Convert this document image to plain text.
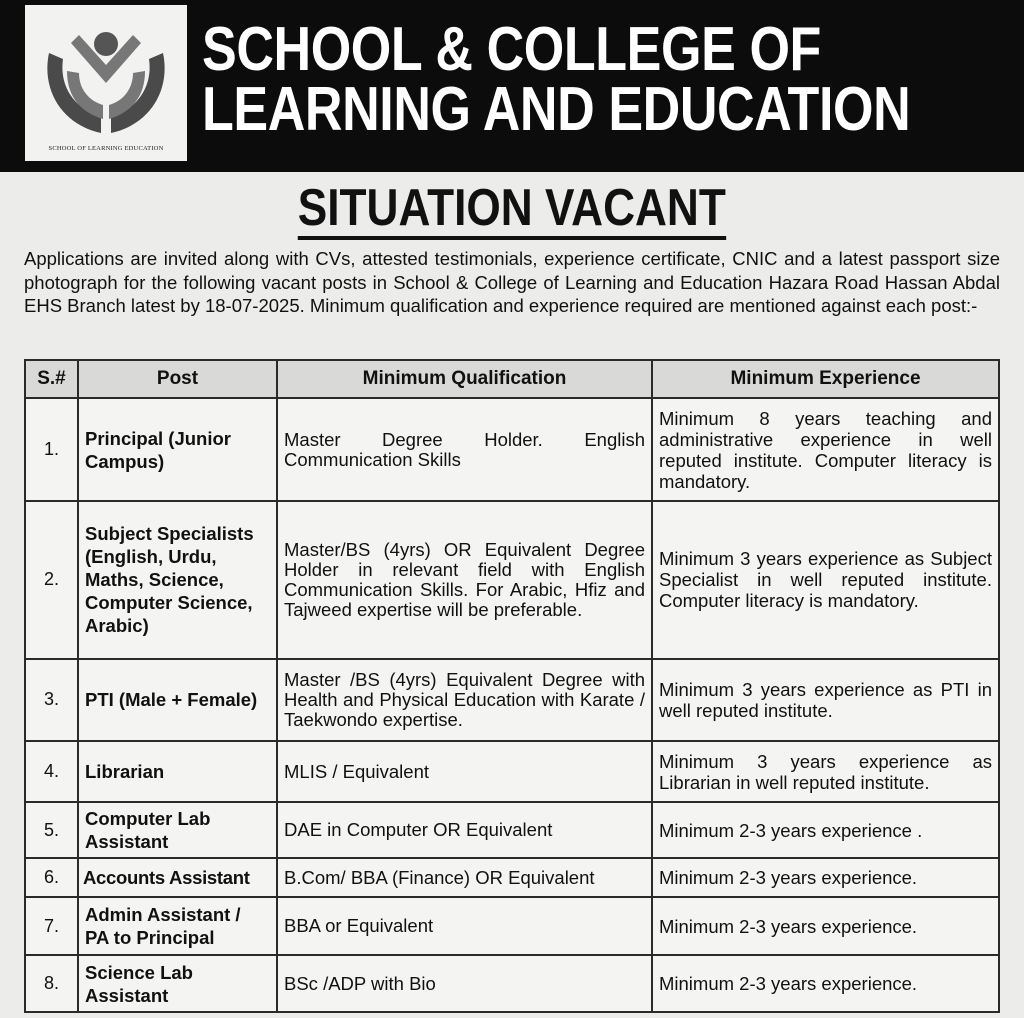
SCHOOL OF LEARNING EDUCATION
SCHOOL & COLLEGE OF
LEARNING AND EDUCATION
SITUATION VACANT
Applications are invited along with CVs, attested testimonials, experience certificate, CNIC and a latest passport size photograph for the following vacant posts in School & College of Learning and Education Hazara Road Hassan Abdal EHS Branch latest by 18-07-2025. Minimum qualification and experience required are mentioned against each post:-
S.#	Post	Minimum Qualification	Minimum Experience
1.	Principal (Junior Campus)	Master Degree Holder. English Communication Skills	Minimum 8 years teaching and administrative experience in well reputed institute. Computer literacy is mandatory.
2.	Subject Specialists (English, Urdu, Maths, Science, Computer Science, Arabic)	Master/BS (4yrs) OR Equivalent Degree Holder in relevant field with English Communication Skills. For Arabic, Hfiz and Tajweed expertise will be preferable.	Minimum 3 years experience as Subject Specialist in well reputed institute. Computer literacy is mandatory.
3.	PTI (Male + Female)	Master /BS (4yrs) Equivalent Degree with Health and Physical Education with Karate / Taekwondo expertise.	Minimum 3 years experience as PTI in well reputed institute.
4.	Librarian	MLIS / Equivalent	Minimum 3 years experience as Librarian in well reputed institute.
5.	Computer Lab Assistant	DAE in Computer OR Equivalent	Minimum 2-3 years experience .
6.	Accounts Assistant	B.Com/ BBA (Finance) OR Equivalent	Minimum 2-3 years experience.
7.	Admin Assistant / PA to Principal	BBA or Equivalent	Minimum 2-3 years experience.
8.	Science Lab Assistant	BSc /ADP with Bio	Minimum 2-3 years experience.
